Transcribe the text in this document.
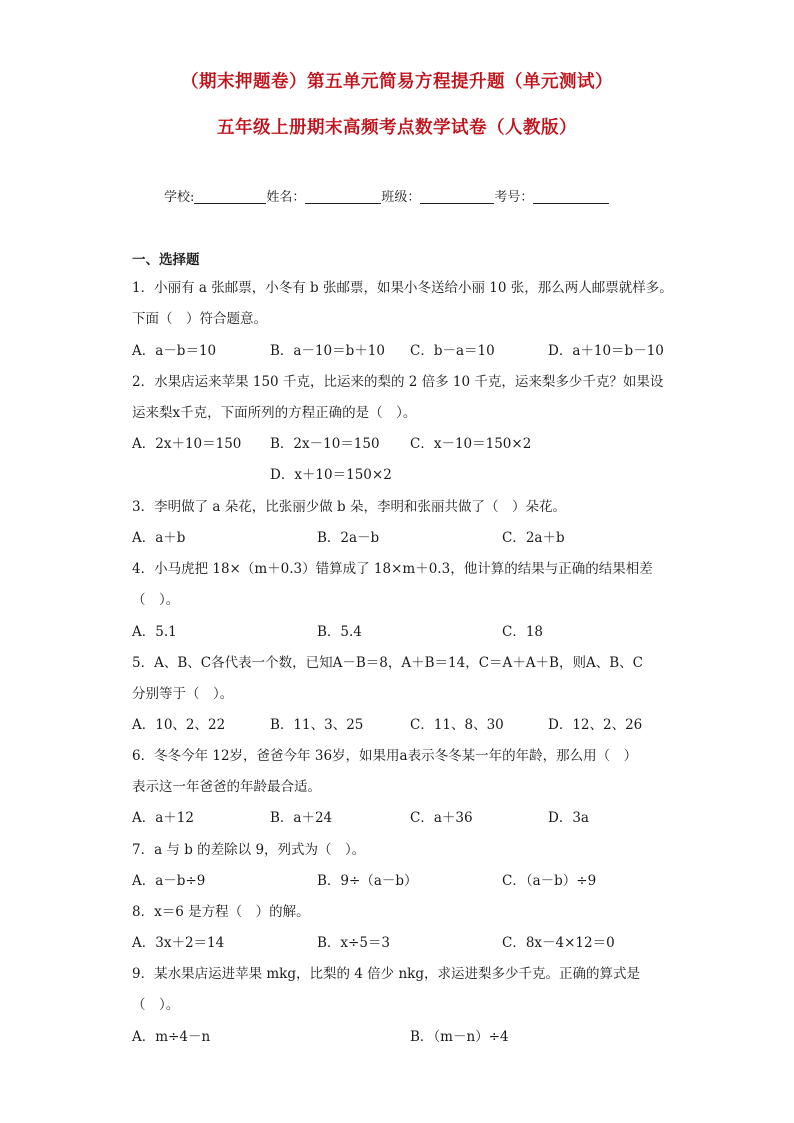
（期末押题卷）第五单元简易方程提升题（单元测试）
五年级上册期末高频考点数学试卷（人教版）
学校:	姓名：	班级：	考号：
一、选择题
1．小丽有 a 张邮票，小冬有 b 张邮票，如果小冬送给小丽 10 张，那么两人邮票就样多。
下面（　）符合题意。
A．a－b＝10	B．a－10＝b＋10 C．b－a＝10	D．a＋10＝b－10
2．水果店运来苹果 150 千克，比运来的梨的 2 倍多 10 千克，运来梨多少千克？如果设
运来梨x千克，下面所列的方程正确的是（　）。
A．2x＋10＝150 B．2x－10＝150 C．x－10＝150×2
D．x＋10＝150×2
3．李明做了 a 朵花，比张丽少做 b 朵，李明和张丽共做了（　）朵花。
A．a＋b	B．2a－b	C．2a＋b
4．小马虎把 18×（m＋0.3）错算成了 18×m＋0.3，他计算的结果与正确的结果相差
（　）。
A．5.1	B．5.4	C．18
5．A、B、C各代表一个数，已知A－B＝8，A＋B＝14，C＝A＋A＋B，则A、B、C
分别等于（　）。
A．10、2、22	B．11、3、25	C．11、8、30	D．12、2、26
6．冬冬今年 12岁，爸爸今年 36岁，如果用a表示冬冬某一年的年龄，那么用（　）
表示这一年爸爸的年龄最合适。
A．a＋12	B．a＋24	C．a＋36	D．3a
7．a 与 b 的差除以 9，列式为（　）。
A．a－b÷9	B．9÷（a－b）	C．（a－b）÷9
8．x＝6 是方程（　）的解。
A．3x＋2＝14	B．x÷5＝3	C．8x－4×12＝0
9．某水果店运进苹果 mkg，比梨的 4 倍少 nkg，求运进梨多少千克。正确的算式是
（　）。
A．m÷4－n	B．（m－n）÷4
